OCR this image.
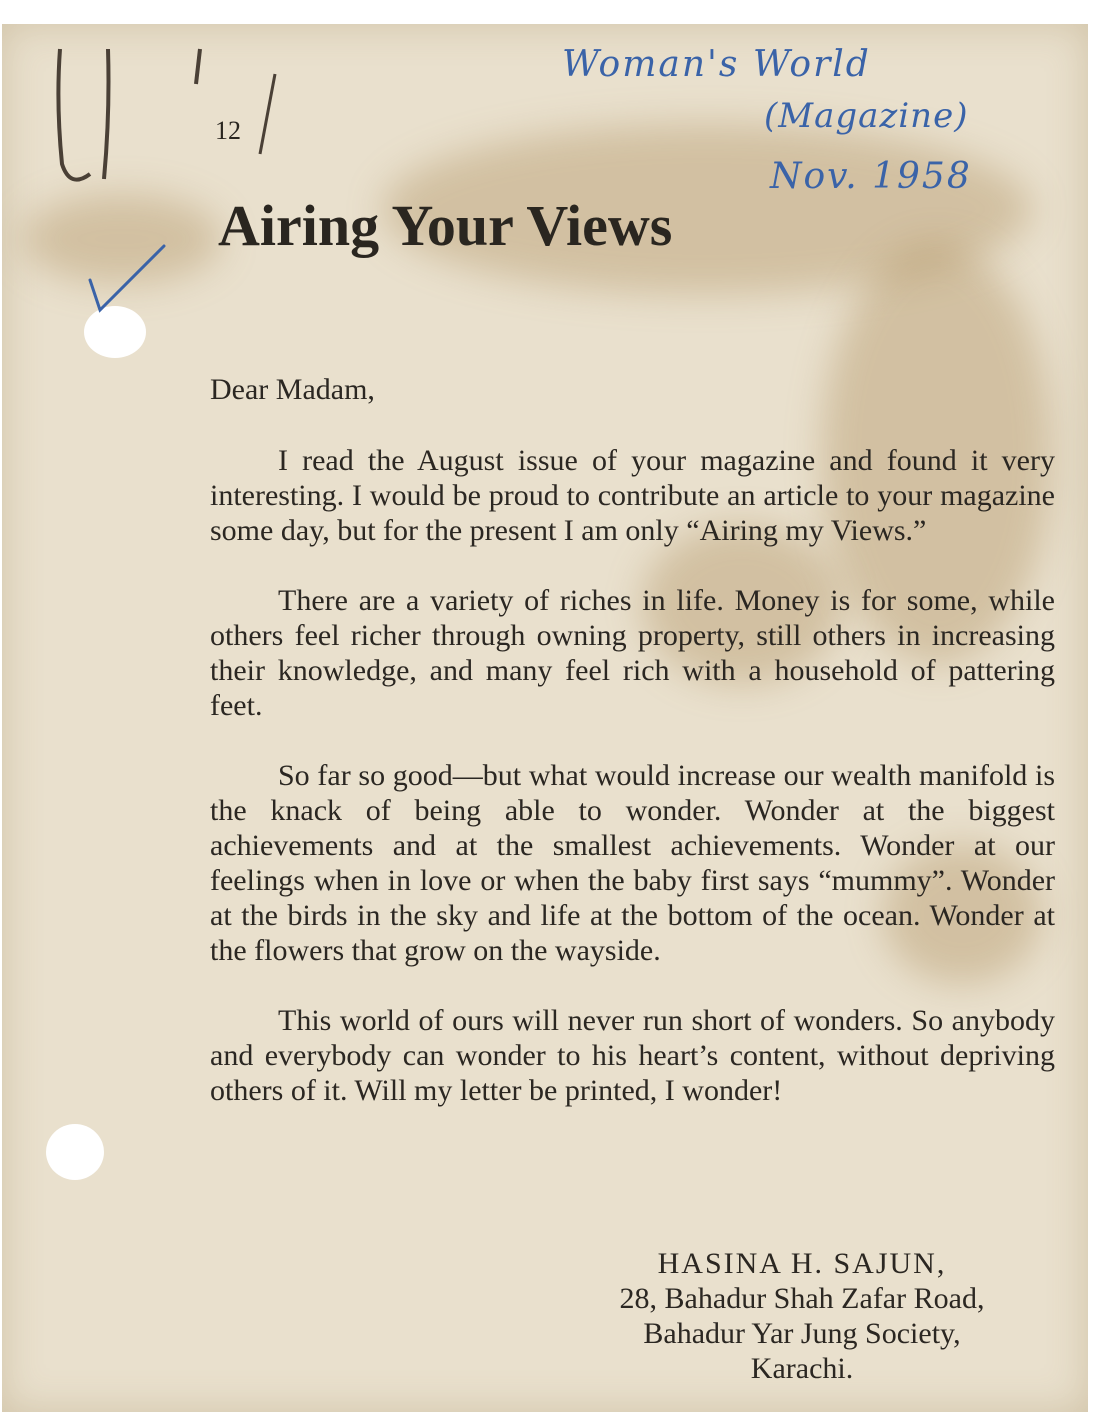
Woman's World
(Magazine)
Nov. 1958
12
Airing Your Views

Dear Madam,

I read the August issue of your magazine and found it very interesting. I would be proud to contribute an article to your magazine some day, but for the present I am only “Airing my Views.”

There are a variety of riches in life. Money is for some, while others feel richer through owning property, still others in increasing their knowledge, and many feel rich with a household of pattering feet.

So far so good—but what would increase our wealth manifold is the knack of being able to wonder. Wonder at the biggest achievements and at the smallest achievements. Wonder at our feelings when in love or when the baby first says “mummy”. Wonder at the birds in the sky and life at the bottom of the ocean. Wonder at the flowers that grow on the wayside.

This world of ours will never run short of wonders. So anybody and everybody can wonder to his heart’s content, without depriving others of it. Will my letter be printed, I wonder!

HASINA H. SAJUN,
28, Bahadur Shah Zafar Road,
Bahadur Yar Jung Society,
Karachi.
